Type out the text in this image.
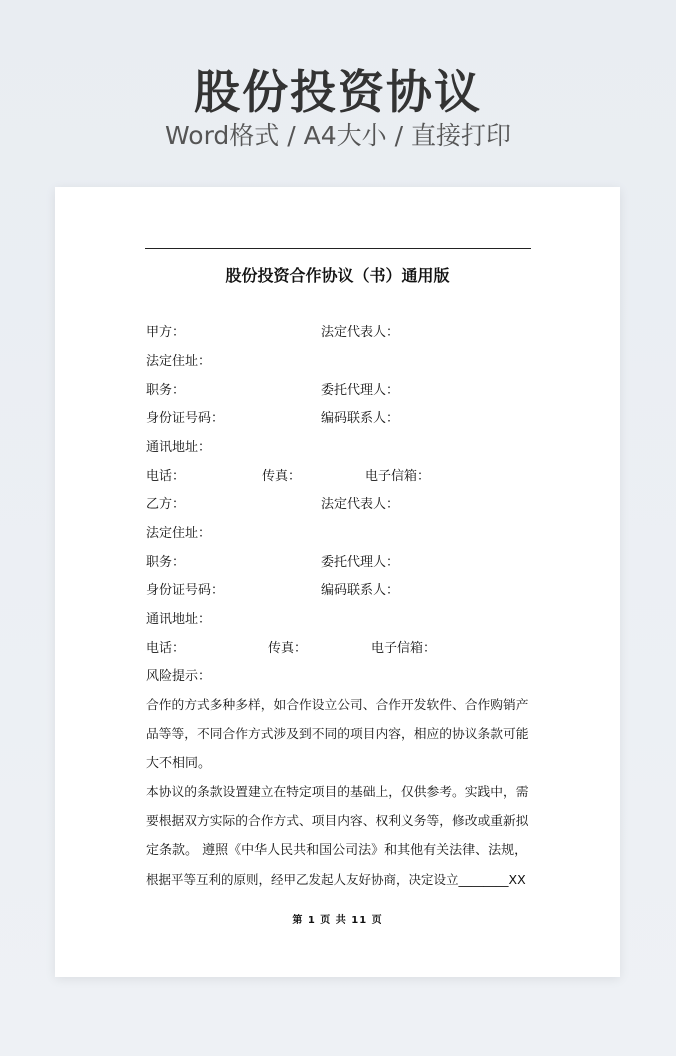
股份投资协议
Word格式 / A4大小 / 直接打印
股份投资合作协议（书）通用版
甲方：	法定代表人：
法定住址：
职务：	委托代理人：
身份证号码：	编码联系人：
通讯地址：
电话：	传真：	电子信箱：
乙方：	法定代表人：
法定住址：
职务：	委托代理人：
身份证号码：	编码联系人：
通讯地址：
电话：	传真：	电子信箱：
风险提示：
合作的方式多种多样，如合作设立公司、合作开发软件、合作购销产
品等等，不同合作方式涉及到不同的项目内容，相应的协议条款可能
大不相同。
本协议的条款设置建立在特定项目的基础上，仅供参考。实践中，需
要根据双方实际的合作方式、项目内容、权利义务等，修改或重新拟
定条款。 遵照《中华人民共和国公司法》和其他有关法律、法规，
根据平等互利的原则，经甲乙发起人友好协商，决定设立________XX
第 1 页 共 11 页
